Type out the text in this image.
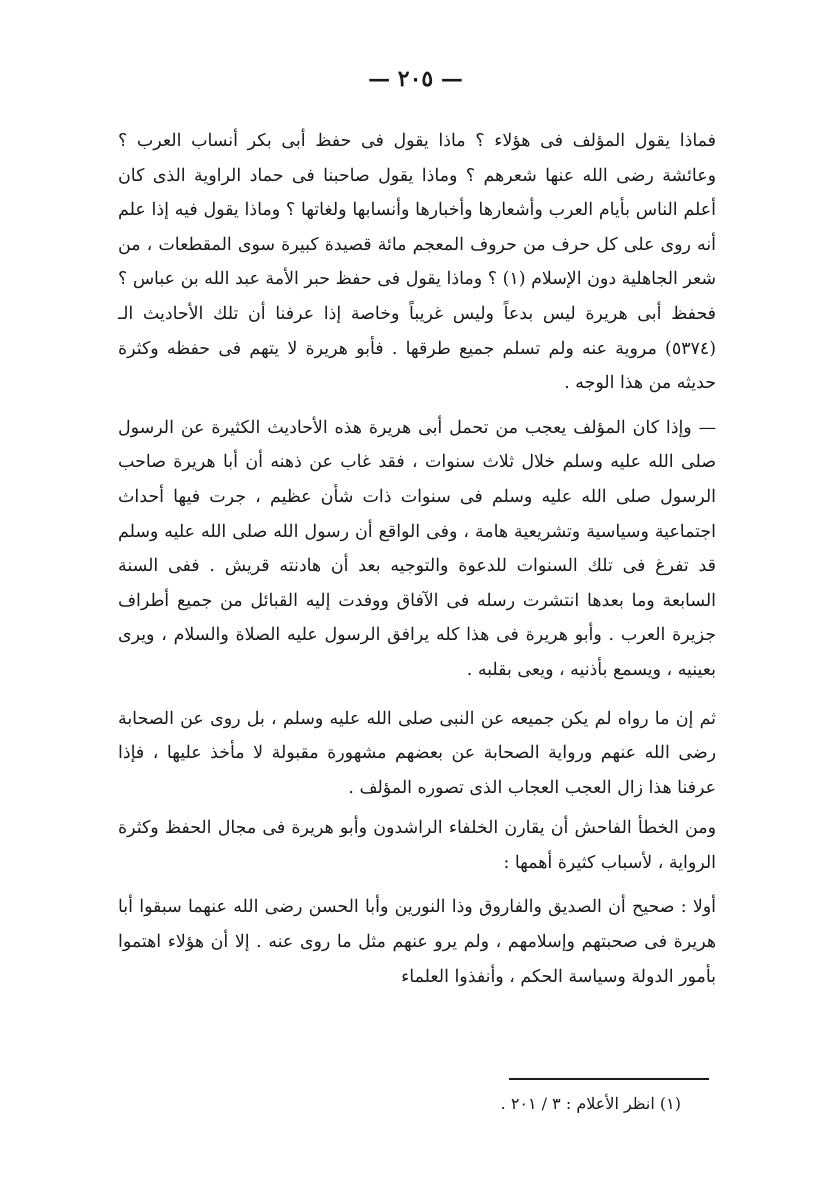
— ٢٠٥ —

فماذا يقول المؤلف فى هؤلاء ؟ ماذا يقول فى حفظ أبى بكر أنساب العرب ؟ وعائشة رضى الله عنها شعرهم ؟ وماذا يقول صاحبنا فى حماد الراوية الذى كان أعلم الناس بأيام العرب وأشعارها وأخبارها وأنسابها ولغاتها ؟ وماذا يقول فيه إذا علم أنه روى على كل حرف من حروف المعجم مائة قصيدة كبيرة سوى المقطعات ، من شعر الجاهلية دون الإسلام (١) ؟ وماذا يقول فى حفظ حبر الأمة عبد الله بن عباس ؟ فحفظ أبى هريرة ليس بدعاً وليس غريباً وخاصة إذا عرفنا أن تلك الأحاديث الـ (٥٣٧٤) مروية عنه ولم تسلم جميع طرقها . فأبو هريرة لا يتهم فى حفظه وكثرة حديثه من هذا الوجه .

— وإذا كان المؤلف يعجب من تحمل أبى هريرة هذه الأحاديث الكثيرة عن الرسول صلى الله عليه وسلم خلال ثلاث سنوات ، فقد غاب عن ذهنه أن أبا هريرة صاحب الرسول صلى الله عليه وسلم فى سنوات ذات شأن عظيم ، جرت فيها أحداث اجتماعية وسياسية وتشريعية هامة ، وفى الواقع أن رسول الله صلى الله عليه وسلم قد تفرغ فى تلك السنوات للدعوة والتوجيه بعد أن هادنته قريش . ففى السنة السابعة وما بعدها انتشرت رسله فى الآفاق ووفدت إليه القبائل من جميع أطراف جزيرة العرب . وأبو هريرة فى هذا كله يرافق الرسول عليه الصلاة والسلام ، ويرى بعينيه ، ويسمع بأذنيه ، ويعى بقلبه .

ثم إن ما رواه لم يكن جميعه عن النبى صلى الله عليه وسلم ، بل روى عن الصحابة رضى الله عنهم ورواية الصحابة عن بعضهم مشهورة مقبولة لا مأخذ عليها ، فإذا عرفنا هذا زال العجب العجاب الذى تصوره المؤلف .

ومن الخطأ الفاحش أن يقارن الخلفاء الراشدون وأبو هريرة فى مجال الحفظ وكثرة الرواية ، لأسباب كثيرة أهمها :

أولا : صحيح أن الصديق والفاروق وذا النورين وأبا الحسن رضى الله عنهما سبقوا أبا هريرة فى صحبتهم وإسلامهم ، ولم يرو عنهم مثل ما روى عنه . إلا أن هؤلاء اهتموا بأمور الدولة وسياسة الحكم ، وأنفذوا العلماء

(١) انظر الأعلام : ٣ / ٢٠١ .
